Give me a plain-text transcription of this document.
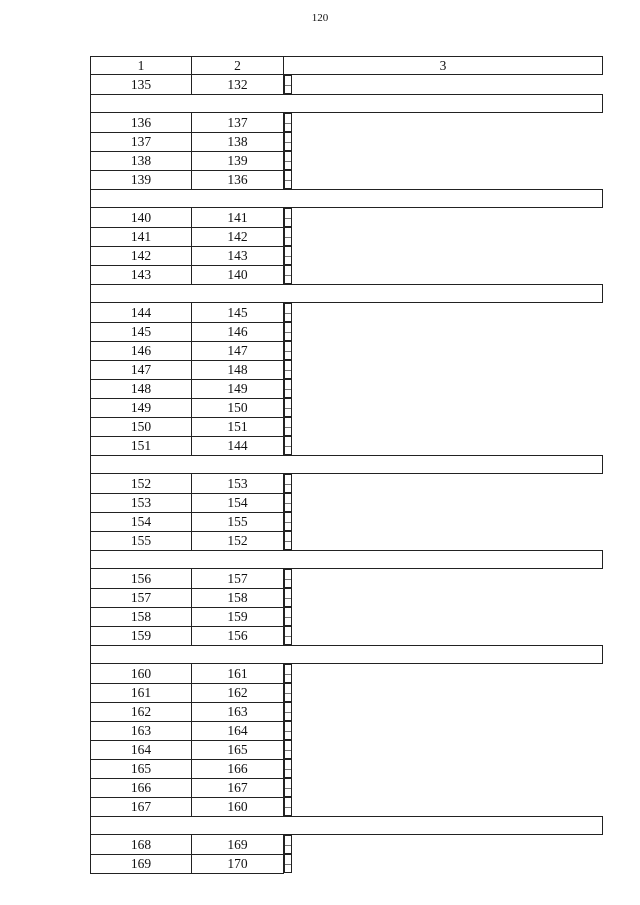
120
1	2	3
135	132		–

136	137		–
137	138		–
138	139		–
139	136		–

140	141		–
141	142		–
142	143		–
143	140		–

144	145		–
145	146		–
146	147		–
147	148		–
148	149		–
149	150		–
150	151		–
151	144		–

152	153		–
153	154		–
154	155		–
155	152		–

156	157		–
157	158		–
158	159		–
159	156		–

160	161		–
161	162		–
162	163		–
163	164		–
164	165		–
165	166		–
166	167		–
167	160		–

168	169		–
169	170		–
